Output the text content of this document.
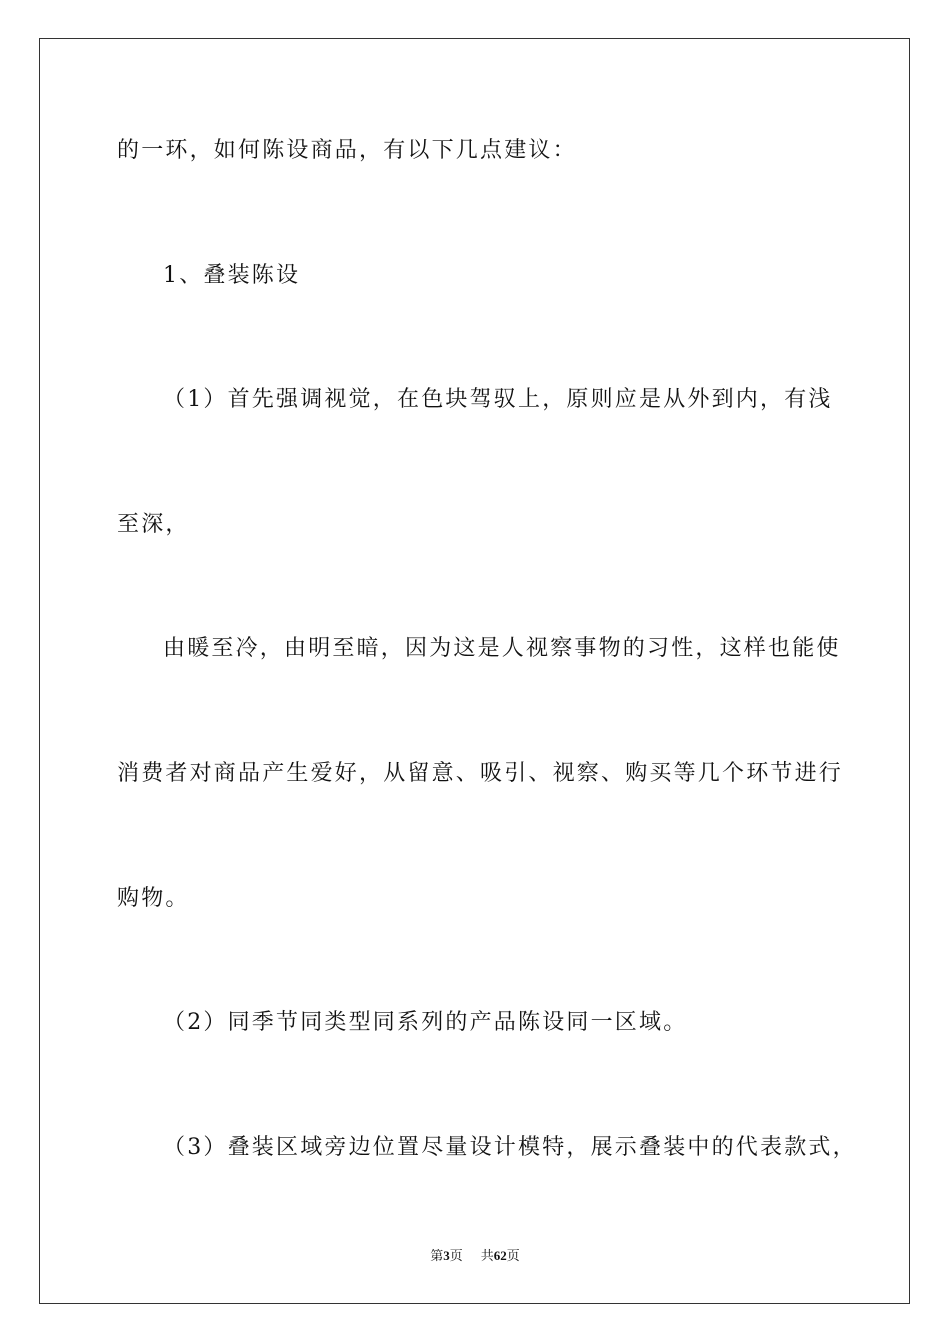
的一环，如何陈设商品，有以下几点建议：
1、叠装陈设
（1）首先强调视觉，在色块驾驭上，原则应是从外到内，有浅
至深，
由暖至冷，由明至暗，因为这是人视察事物的习性，这样也能使
消费者对商品产生爱好，从留意、吸引、视察、购买等几个环节进行
购物。
（2）同季节同类型同系列的产品陈设同一区域。
（3）叠装区域旁边位置尽量设计模特，展示叠装中的代表款式，
第3页 共62页
